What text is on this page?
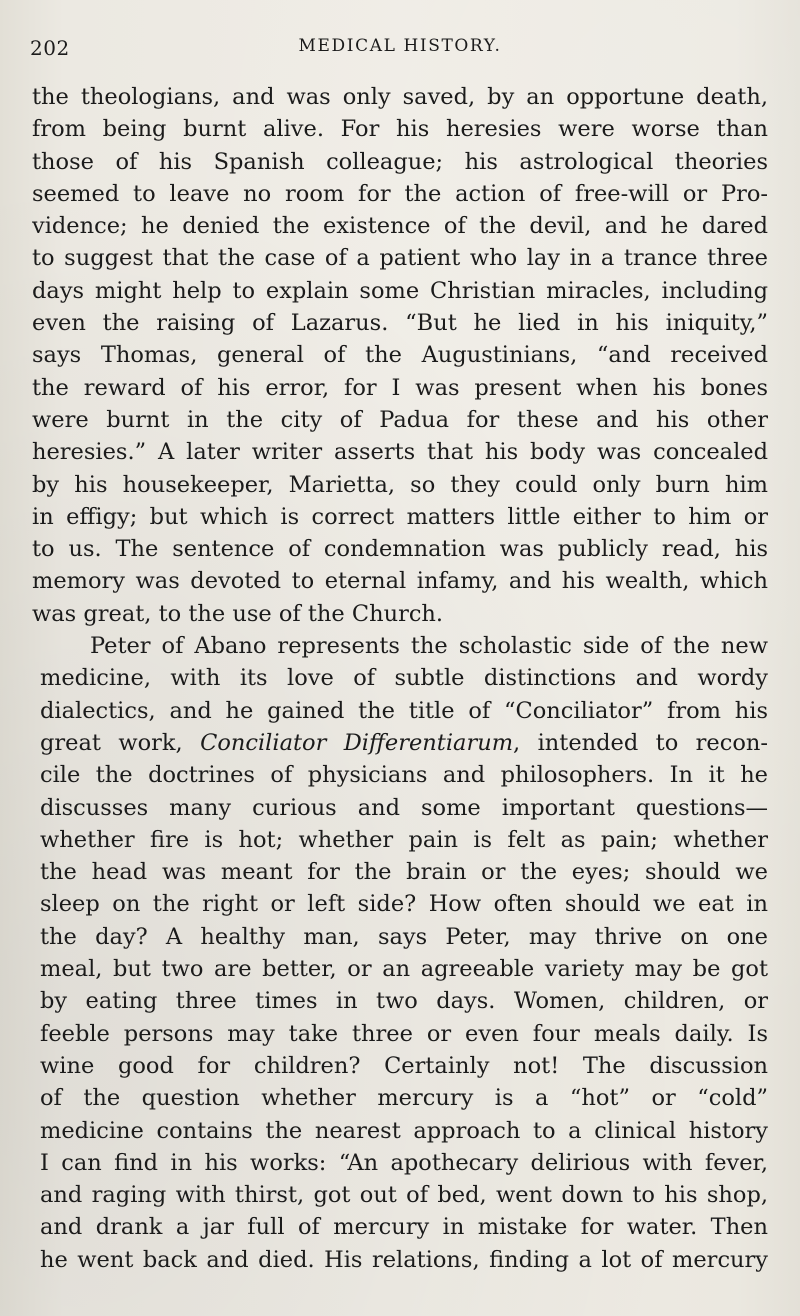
202	MEDICAL HISTORY.
the theologians, and was only saved, by an opportune death,
from being burnt alive. For his heresies were worse than
those of his Spanish colleague; his astrological theories
seemed to leave no room for the action of free-will or Pro-
vidence; he denied the existence of the devil, and he dared
to suggest that the case of a patient who lay in a trance three
days might help to explain some Christian miracles, including
even the raising of Lazarus. “But he lied in his iniquity,”
says Thomas, general of the Augustinians, “and received
the reward of his error, for I was present when his bones
were burnt in the city of Padua for these and his other
heresies.” A later writer asserts that his body was concealed
by his housekeeper, Marietta, so they could only burn him
in effigy; but which is correct matters little either to him or
to us. The sentence of condemnation was publicly read, his
memory was devoted to eternal infamy, and his wealth, which
was great, to the use of the Church.
Peter of Abano represents the scholastic side of the new
medicine, with its love of subtle distinctions and wordy
dialectics, and he gained the title of “Conciliator” from his
great work, Conciliator Differentiarum, intended to recon-
cile the doctrines of physicians and philosophers. In it he
discusses many curious and some important questions—
whether fire is hot; whether pain is felt as pain; whether
the head was meant for the brain or the eyes; should we
sleep on the right or left side? How often should we eat in
the day? A healthy man, says Peter, may thrive on one
meal, but two are better, or an agreeable variety may be got
by eating three times in two days. Women, children, or
feeble persons may take three or even four meals daily. Is
wine good for children? Certainly not! The discussion
of the question whether mercury is a “hot” or “cold”
medicine contains the nearest approach to a clinical history
I can find in his works: “An apothecary delirious with fever,
and raging with thirst, got out of bed, went down to his shop,
and drank a jar full of mercury in mistake for water. Then
he went back and died. His relations, finding a lot of mercury
